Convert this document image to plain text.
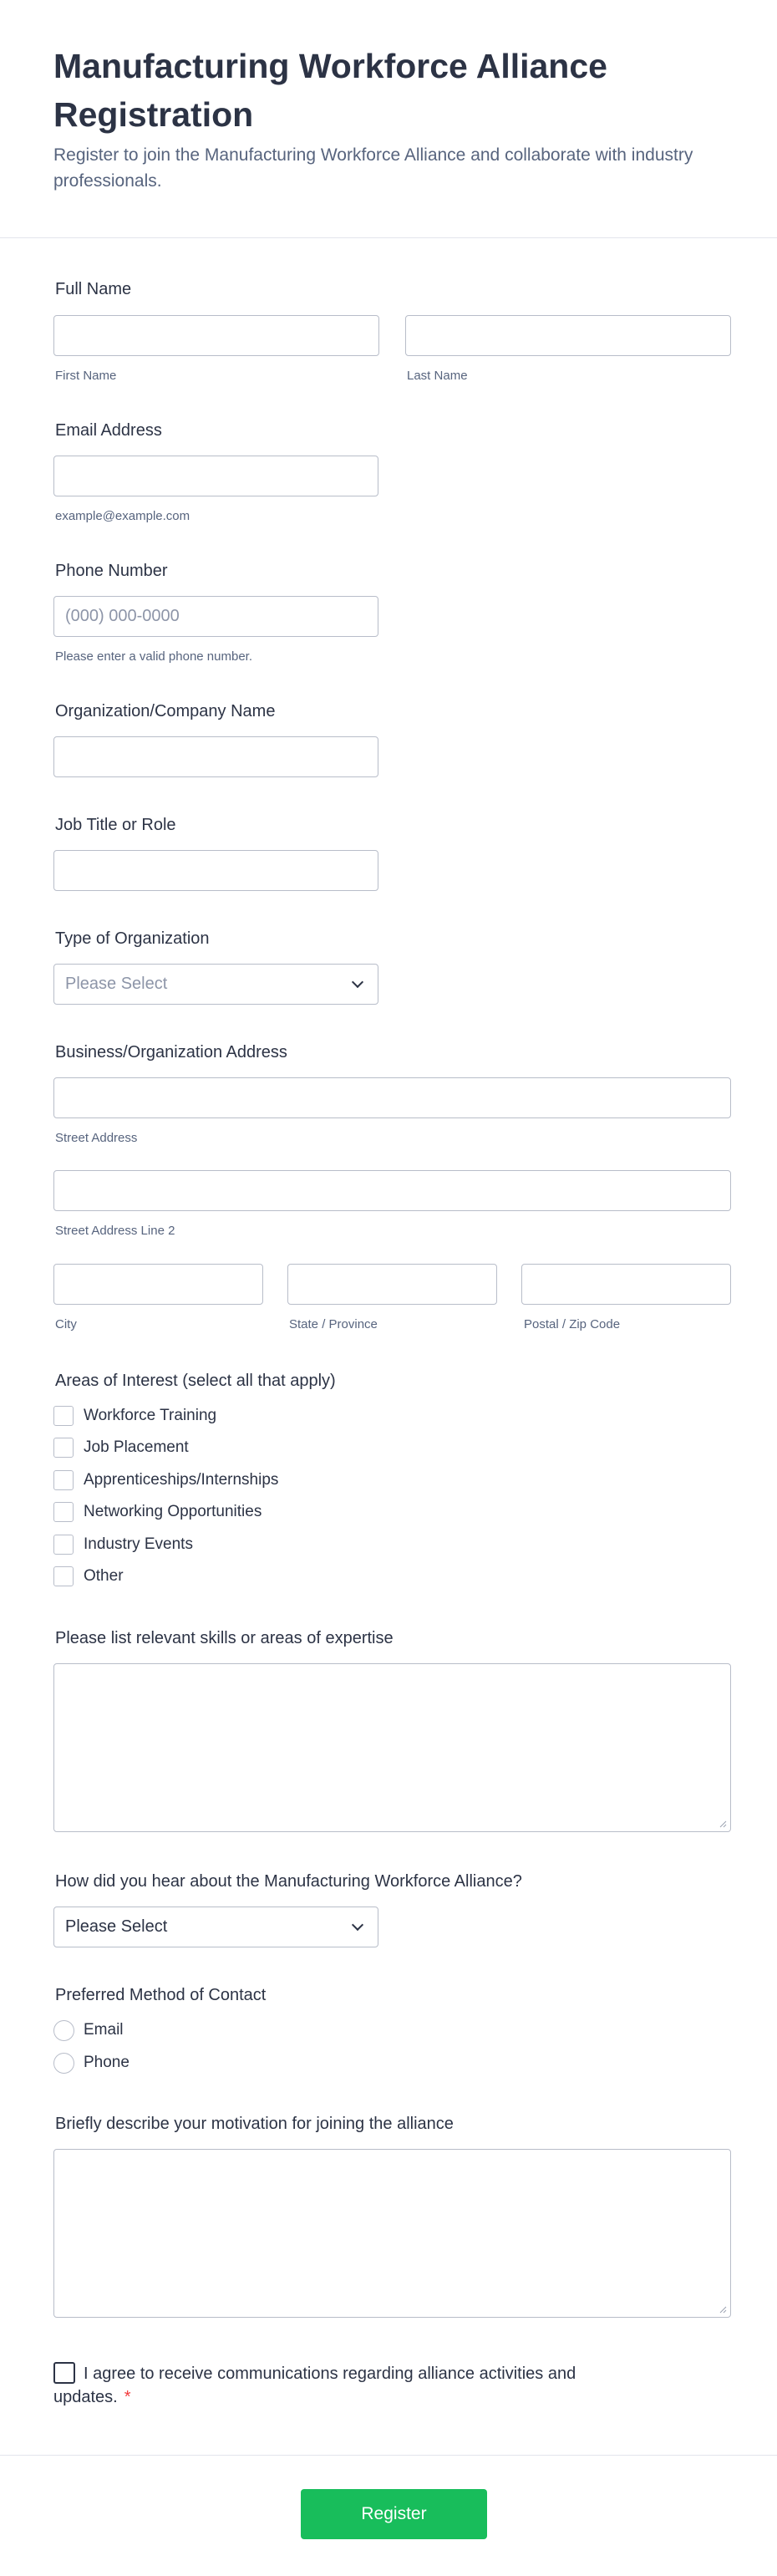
Manufacturing Workforce Alliance Registration

Register to join the Manufacturing Workforce Alliance and collaborate with industry professionals.

Full Name
First Name	Last Name
Email Address
example@example.com
Phone Number
(000) 000-0000
Please enter a valid phone number.
Organization/Company Name
Job Title or Role
Type of Organization
Please Select
Business/Organization Address
Street Address
Street Address Line 2
City	State / Province	Postal / Zip Code
Areas of Interest (select all that apply)
Workforce Training
Job Placement
Apprenticeships/Internships
Networking Opportunities
Industry Events
Other
Please list relevant skills or areas of expertise
How did you hear about the Manufacturing Workforce Alliance?
Please Select
Preferred Method of Contact
Email
Phone
Briefly describe your motivation for joining the alliance
I agree to receive communications regarding alliance activities and updates. *
Register
